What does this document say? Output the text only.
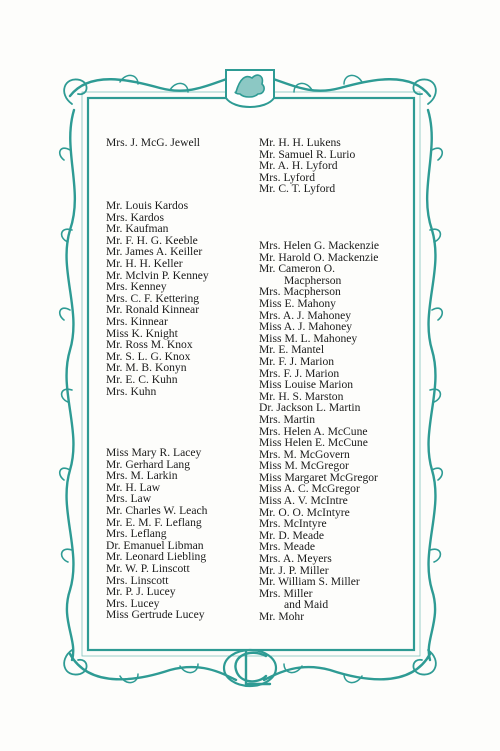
Mrs. J. McG. Jewell
Mr. Louis Kardos
Mrs. Kardos
Mr. Kaufman
Mr. F. H. G. Keeble
Mr. James A. Keiller
Mr. H. H. Keller
Mr. Mclvin P. Kenney
Mrs. Kenney
Mrs. C. F. Kettering
Mr. Ronald Kinnear
Mrs. Kinnear
Miss K. Knight
Mr. Ross M. Knox
Mr. S. L. G. Knox
Mr. M. B. Konyn
Mr. E. C. Kuhn
Mrs. Kuhn
Miss Mary R. Lacey
Mr. Gerhard Lang
Mrs. M. Larkin
Mr. H. Law
Mrs. Law
Mr. Charles W. Leach
Mr. E. M. F. Leflang
Mrs. Leflang
Dr. Emanuel Libman
Mr. Leonard Liebling
Mr. W. P. Linscott
Mrs. Linscott
Mr. P. J. Lucey
Mrs. Lucey
Miss Gertrude Lucey
Mr. H. H. Lukens
Mr. Samuel R. Lurio
Mr. A. H. Lyford
Mrs. Lyford
Mr. C. T. Lyford
Mrs. Helen G. Mackenzie
Mr. Harold O. Mackenzie
Mr. Cameron O.
Macpherson
Mrs. Macpherson
Miss E. Mahony
Mrs. A. J. Mahoney
Miss A. J. Mahoney
Miss M. L. Mahoney
Mr. E. Mantel
Mr. F. J. Marion
Mrs. F. J. Marion
Miss Louise Marion
Mr. H. S. Marston
Dr. Jackson L. Martin
Mrs. Martin
Mrs. Helen A. McCune
Miss Helen E. McCune
Mrs. M. McGovern
Miss M. McGregor
Miss Margaret McGregor
Miss A. C. McGregor
Miss A. V. McIntre
Mr. O. O. McIntyre
Mrs. McIntyre
Mr. D. Meade
Mrs. Meade
Mrs. A. Meyers
Mr. J. P. Miller
Mr. William S. Miller
Mrs. Miller
and Maid
Mr. Mohr
